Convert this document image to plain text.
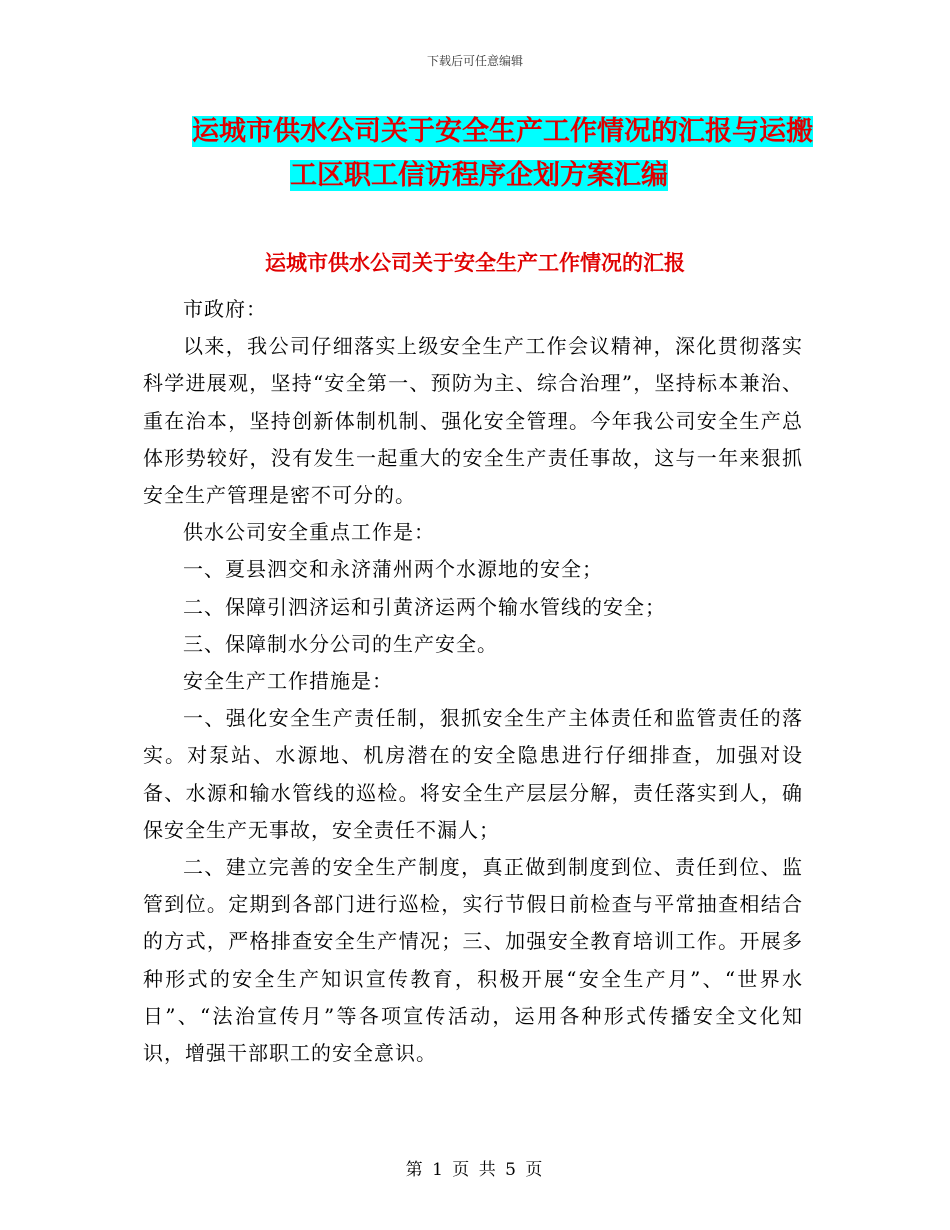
下载后可任意编辑
运城市供水公司关于安全生产工作情况的汇报与运搬
工区职工信访程序企划方案汇编
运城市供水公司关于安全生产工作情况的汇报

市政府：

以来，我公司仔细落实上级安全生产工作会议精神，深化贯彻落实科学进展观，坚持“安全第一、预防为主、综合治理”，坚持标本兼治、重在治本，坚持创新体制机制、强化安全管理。今年我公司安全生产总体形势较好，没有发生一起重大的安全生产责任事故，这与一年来狠抓安全生产管理是密不可分的。

供水公司安全重点工作是：

一、夏县泗交和永济蒲州两个水源地的安全；

二、保障引泗济运和引黄济运两个输水管线的安全；

三、保障制水分公司的生产安全。

安全生产工作措施是：

一、强化安全生产责任制，狠抓安全生产主体责任和监管责任的落实。对泵站、水源地、机房潜在的安全隐患进行仔细排查，加强对设备、水源和输水管线的巡检。将安全生产层层分解，责任落实到人，确保安全生产无事故，安全责任不漏人；

二、建立完善的安全生产制度，真正做到制度到位、责任到位、监管到位。定期到各部门进行巡检，实行节假日前检查与平常抽查相结合的方式，严格排查安全生产情况；三、加强安全教育培训工作。开展多种形式的安全生产知识宣传教育，积极开展“安全生产月”、“世界水日”、“法治宣传月”等各项宣传活动，运用各种形式传播安全文化知识，增强干部职工的安全意识。

第 1 页 共 5 页
